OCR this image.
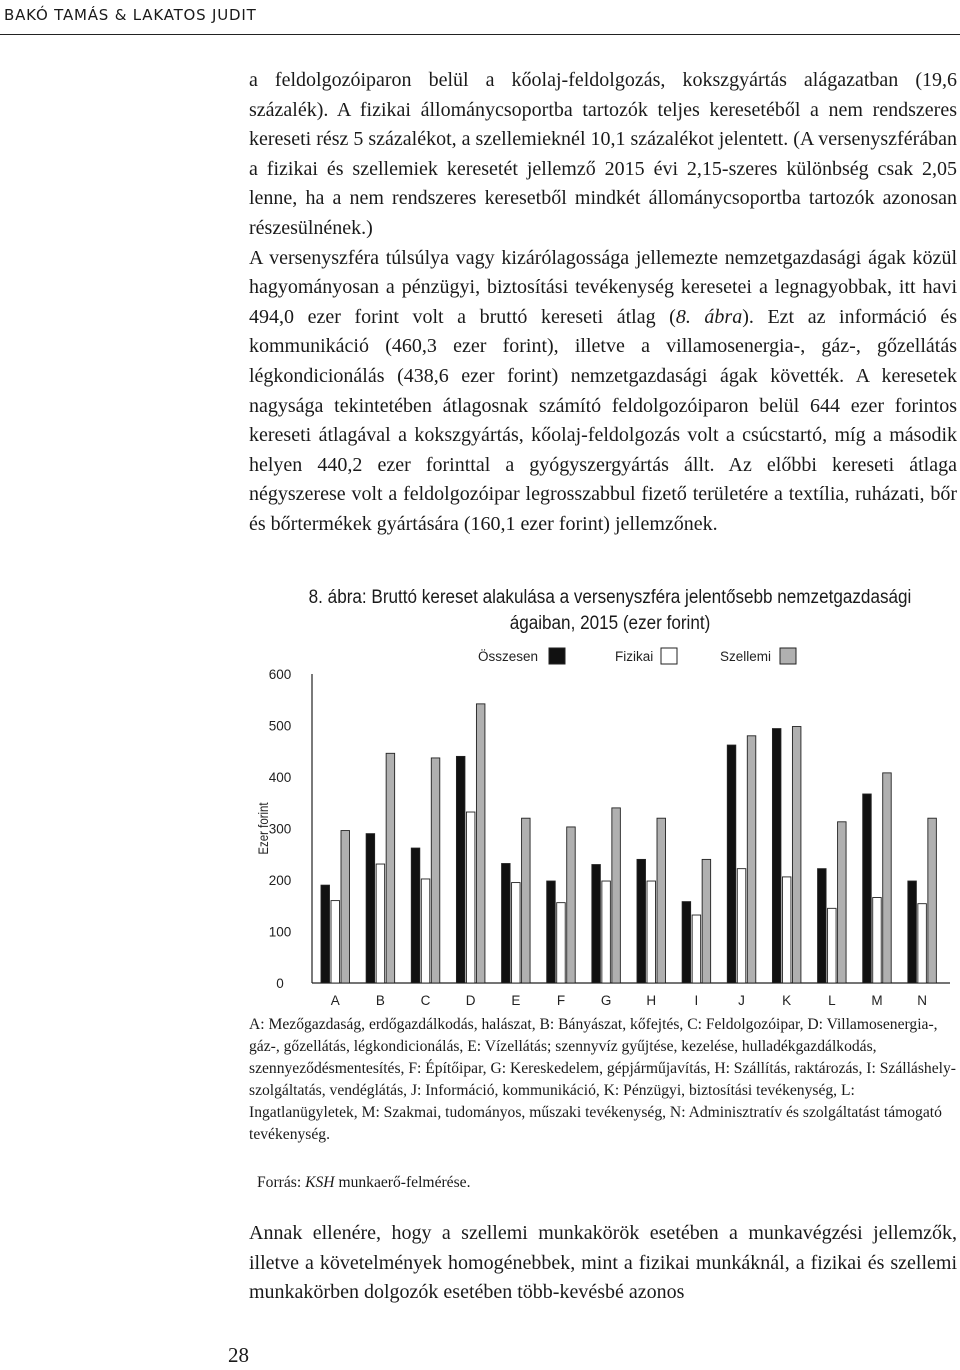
BAKÓ TAMÁS & LAKATOS JUDIT

a feldolgozóiparon belül a kőolaj-feldolgozás, kokszgyártás alágazatban (19,6 százalék). A fizikai állománycsoportba tartozók teljes keresetéből a nem rendszeres kereseti rész 5 százalékot, a szellemieknél 10,1 százalékot jelentett. (A versenyszférában a fizikai és szellemiek keresetét jellemző 2015 évi 2,15-szeres különbség csak 2,05 lenne, ha a nem rendszeres keresetből mindkét állománycsoportba tartozók azonosan részesülnének.)

A versenyszféra túlsúlya vagy kizárólagossága jellemezte nemzetgazdasági ágak közül hagyományosan a pénzügyi, biztosítási tevékenység keresetei a legnagyobbak, itt havi 494,0 ezer forint volt a bruttó kereseti átlag (8. ábra). Ezt az információ és kommunikáció (460,3 ezer forint), illetve a villamosenergia-, gáz-, gőzellátás légkondicionálás (438,6 ezer forint) nemzetgazdasági ágak követték. A keresetek nagysága tekintetében átlagosnak számító feldolgozóiparon belül 644 ezer forintos kereseti átlagával a kokszgyártás, kőolaj-feldolgozás volt a csúcstartó, míg a második helyen 440,2 ezer forinttal a gyógyszergyártás állt. Az előbbi kereseti átlaga négyszerese volt a feldolgozóipar legrosszabbul fizető területére a textília, ruházati, bőr és bőrtermékek gyártására (160,1 ezer forint) jellemzőnek.

8. ábra: Bruttó kereset alakulása a versenyszféra jelentősebb nemzetgazdasági
ágaiban, 2015 (ezer forint)
0
100
200
300
400
500
600
Ezer forint
A	B	C	D	E	F	G	H	I	J	K	L	M	N
Összesen	Fizikai	Szellemi

A: Mezőgazdaság, erdőgazdálkodás, halászat, B: Bányászat, kőfejtés, C: Feldolgozóipar, D: Villamosenergia-, gáz-, gőzellátás, légkondicionálás, E: Vízellátás; szennyvíz gyűjtése, kezelése, hulladékgazdálkodás, szennyeződésmentesítés, F: Építőipar, G: Kereskedelem, gépjárműjavítás, H: Szállítás, raktározás, I: Szálláshely-szolgáltatás, vendéglátás, J: Információ, kommunikáció, K: Pénzügyi, biztosítási tevékenység, L: Ingatlanügyletek, M: Szakmai, tudományos, műszaki tevékenység, N: Adminisztratív és szolgáltatást támogató tevékenység.

Forrás: KSH munkaerő-felmérése.

Annak ellenére, hogy a szellemi munkakörök esetében a munkavégzési jellemzők, illetve a követelmények homogénebbek, mint a fizikai munkáknál, a fizikai és szellemi munkakörben dolgozók esetében több-kevésbé azonos

28
